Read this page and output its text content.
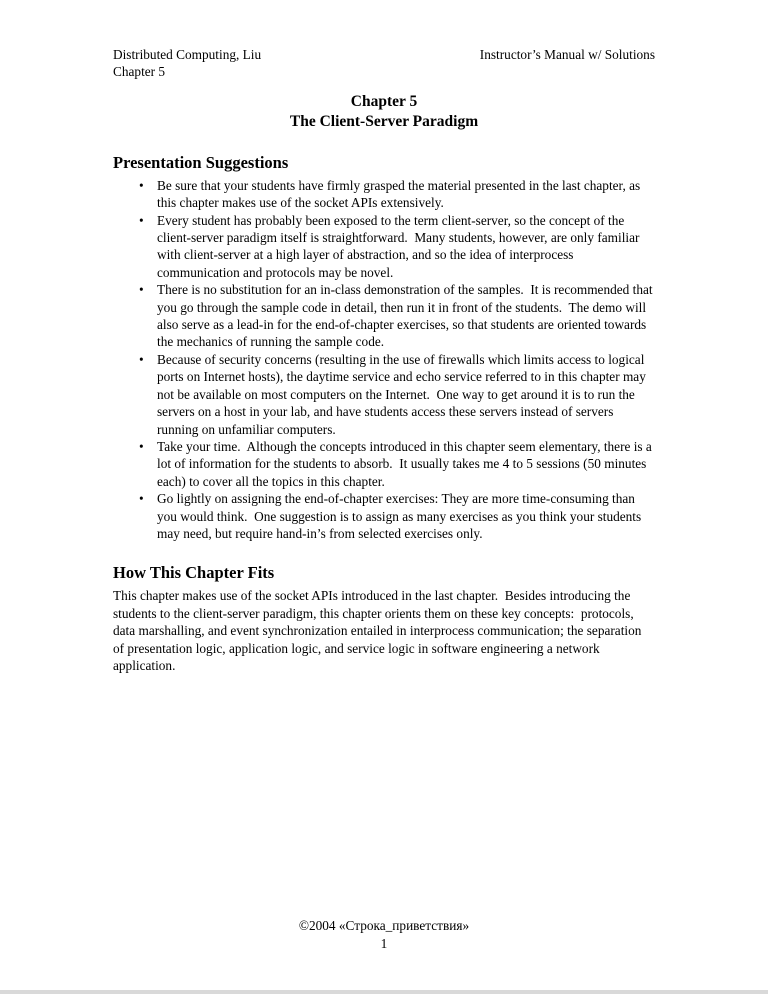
Distributed Computing, Liu
Chapter 5
Instructor’s Manual w/ Solutions
Chapter 5
The Client-Server Paradigm
Presentation Suggestions
• Be sure that your students have firmly grasped the material presented in the last chapter, as this chapter makes use of the socket APIs extensively.
• Every student has probably been exposed to the term client-server, so the concept of the client-server paradigm itself is straightforward.  Many students, however, are only familiar with client-server at a high layer of abstraction, and so the idea of interprocess communication and protocols may be novel.
• There is no substitution for an in-class demonstration of the samples.  It is recommended that you go through the sample code in detail, then run it in front of the students.  The demo will also serve as a lead-in for the end-of-chapter exercises, so that students are oriented towards the mechanics of running the sample code.
• Because of security concerns (resulting in the use of firewalls which limits access to logical ports on Internet hosts), the daytime service and echo service referred to in this chapter may not be available on most computers on the Internet.  One way to get around it is to run the servers on a host in your lab, and have students access these servers instead of servers running on unfamiliar computers.
• Take your time.  Although the concepts introduced in this chapter seem elementary, there is a lot of information for the students to absorb.  It usually takes me 4 to 5 sessions (50 minutes each) to cover all the topics in this chapter.
• Go lightly on assigning the end-of-chapter exercises: They are more time-consuming than you would think.  One suggestion is to assign as many exercises as you think your students may need, but require hand-in’s from selected exercises only.
How This Chapter Fits

This chapter makes use of the socket APIs introduced in the last chapter.  Besides introducing the students to the client-server paradigm, this chapter orients them on these key concepts:  protocols, data marshalling, and event synchronization entailed in interprocess communication; the separation of presentation logic, application logic, and service logic in software engineering a network application.

©2004 «Строка_приветствия»
1
